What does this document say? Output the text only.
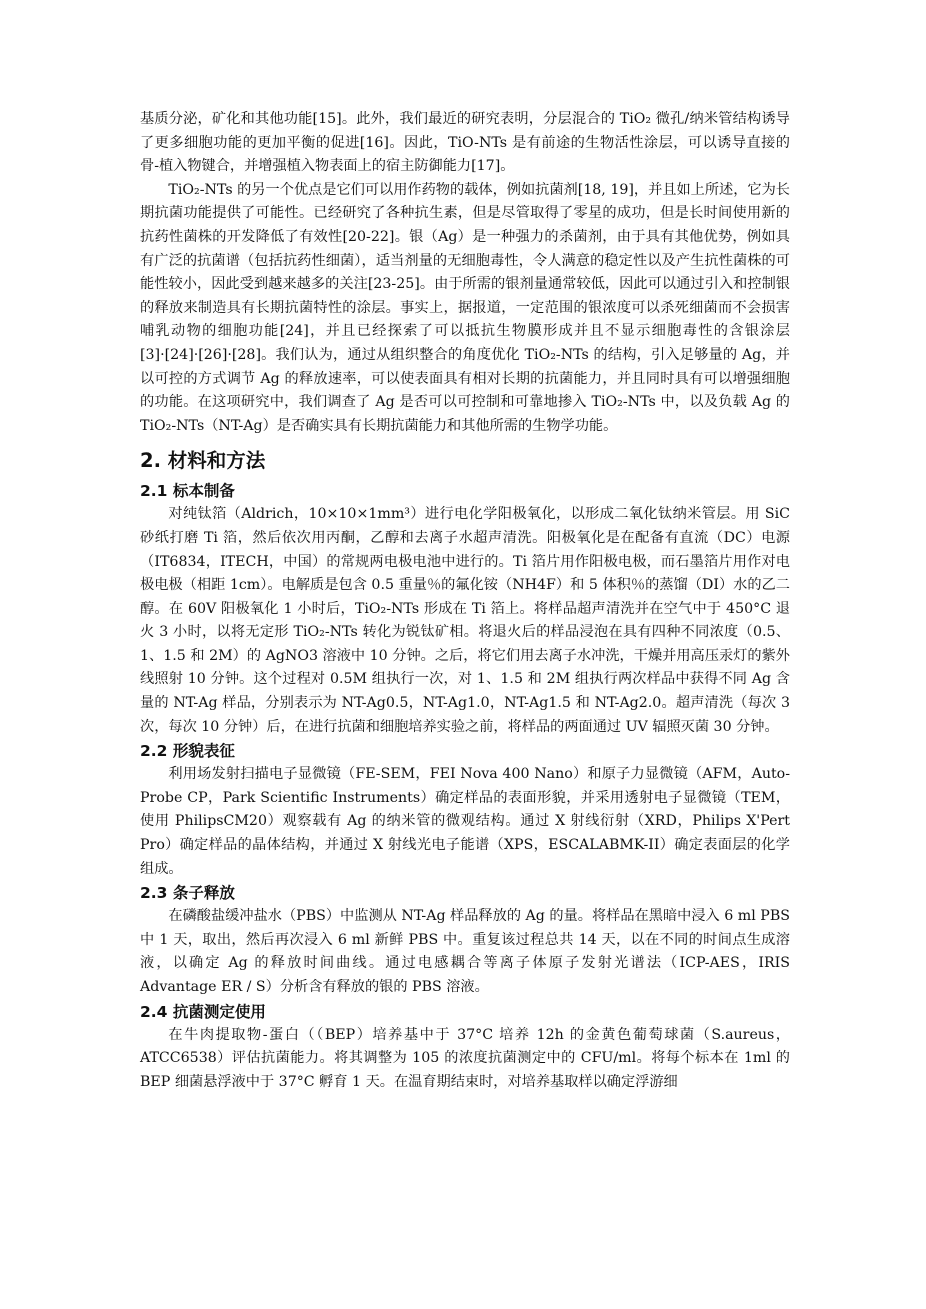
基质分泌，矿化和其他功能[15]。此外，我们最近的研究表明，分层混合的 TiO₂ 微孔/纳米管结构诱导了更多细胞功能的更加平衡的促进[16]。因此，TiO-NTs 是有前途的生物活性涂层，可以诱导直接的骨-植入物键合，并增强植入物表面上的宿主防御能力[17]。

TiO₂-NTs 的另一个优点是它们可以用作药物的载体，例如抗菌剂[18, 19]，并且如上所述，它为长期抗菌功能提供了可能性。已经研究了各种抗生素，但是尽管取得了零星的成功，但是长时间使用新的抗药性菌株的开发降低了有效性[20-22]。银（Ag）是一种强力的杀菌剂，由于具有其他优势，例如具有广泛的抗菌谱（包括抗药性细菌），适当剂量的无细胞毒性，令人满意的稳定性以及产生抗性菌株的可能性较小，因此受到越来越多的关注[23-25]。由于所需的银剂量通常较低，因此可以通过引入和控制银的释放来制造具有长期抗菌特性的涂层。事实上，据报道，一定范围的银浓度可以杀死细菌而不会损害哺乳动物的细胞功能[24]，并且已经探索了可以抵抗生物膜形成并且不显示细胞毒性的含银涂层[3]·[24]·[26]·[28]。我们认为，通过从组织整合的角度优化 TiO₂-NTs 的结构，引入足够量的 Ag，并以可控的方式调节 Ag 的释放速率，可以使表面具有相对长期的抗菌能力，并且同时具有可以增强细胞的功能。在这项研究中，我们调查了 Ag 是否可以可控制和可靠地掺入 TiO₂-NTs 中，以及负载 Ag 的 TiO₂-NTs（NT-Ag）是否确实具有长期抗菌能力和其他所需的生物学功能。

2. 材料和方法
2.1 标本制备

对纯钛箔（Aldrich，10×10×1mm³）进行电化学阳极氧化，以形成二氧化钛纳米管层。用 SiC 砂纸打磨 Ti 箔，然后依次用丙酮，乙醇和去离子水超声清洗。阳极氧化是在配备有直流（DC）电源（IT6834，ITECH，中国）的常规两电极电池中进行的。Ti 箔片用作阳极电极，而石墨箔片用作对电极电极（相距 1cm）。电解质是包含 0.5 重量％的氟化铵（NH4F）和 5 体积％的蒸馏（DI）水的乙二醇。在 60V 阳极氧化 1 小时后，TiO₂-NTs 形成在 Ti 箔上。将样品超声清洗并在空气中于 450°C 退火 3 小时，以将无定形 TiO₂-NTs 转化为锐钛矿相。将退火后的样品浸泡在具有四种不同浓度（0.5、1、1.5 和 2M）的 AgNO3 溶液中 10 分钟。之后，将它们用去离子水冲洗，干燥并用高压汞灯的紫外线照射 10 分钟。这个过程对 0.5M 组执行一次，对 1、1.5 和 2M 组执行两次样品中获得不同 Ag 含量的 NT-Ag 样品，分别表示为 NT-Ag0.5，NT-Ag1.0，NT-Ag1.5 和 NT-Ag2.0。超声清洗（每次 3 次，每次 10 分钟）后，在进行抗菌和细胞培养实验之前，将样品的两面通过 UV 辐照灭菌 30 分钟。

2.2 形貌表征

利用场发射扫描电子显微镜（FE-SEM，FEI Nova 400 Nano）和原子力显微镜（AFM，Auto-Probe CP，Park Scientific Instruments）确定样品的表面形貌，并采用透射电子显微镜（TEM，使用 PhilipsCM20）观察载有 Ag 的纳米管的微观结构。通过 X 射线衍射（XRD，Philips X'Pert Pro）确定样品的晶体结构，并通过 X 射线光电子能谱（XPS，ESCALABMK-II）确定表面层的化学组成。

2.3 条子释放

在磷酸盐缓冲盐水（PBS）中监测从 NT-Ag 样品释放的 Ag 的量。将样品在黑暗中浸入 6 ml PBS 中 1 天，取出，然后再次浸入 6 ml 新鲜 PBS 中。重复该过程总共 14 天，以在不同的时间点生成溶液，以确定 Ag 的释放时间曲线。通过电感耦合等离子体原子发射光谱法（ICP-AES，IRIS Advantage ER / S）分析含有释放的银的 PBS 溶液。

2.4 抗菌测定使用

在牛肉提取物-蛋白（（BEP）培养基中于 37°C 培养 12h 的金黄色葡萄球菌（S.aureus，ATCC6538）评估抗菌能力。将其调整为 105 的浓度抗菌测定中的 CFU/ml。将每个标本在 1ml 的 BEP 细菌悬浮液中于 37°C 孵育 1 天。在温育期结束时，对培养基取样以确定浮游细
